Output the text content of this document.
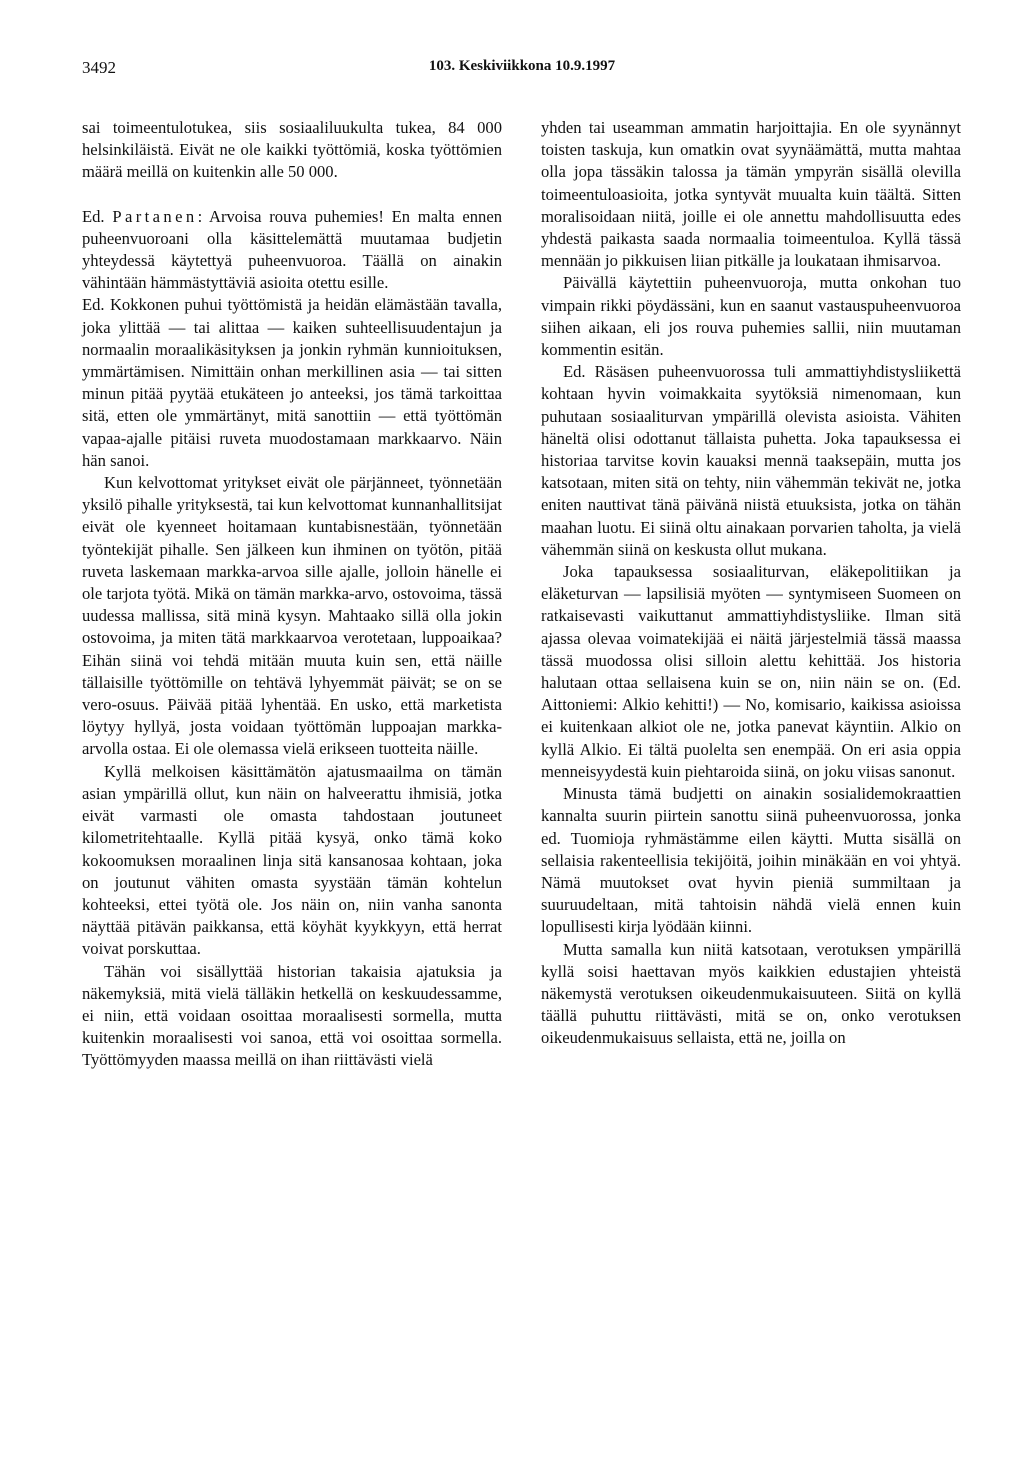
3492	103. Keskiviikkona 10.9.1997

sai toimeentulotukea, siis sosiaaliluukulta tukea, 84 000 helsinkiläistä. Eivät ne ole kaikki työttömiä, koska työttömien määrä meillä on kuitenkin alle 50 000.

Ed. Partanen: Arvoisa rouva puhemies! En malta ennen puheenvuoroani olla käsittelemättä muutamaa budjetin yhteydessä käytettyä puheenvuoroa. Täällä on ainakin vähintään hämmästyttäviä asioita otettu esille.

Ed. Kokkonen puhui työttömistä ja heidän elämästään tavalla, joka ylittää — tai alittaa — kaiken suhteellisuudentajun ja normaalin moraalikäsityksen ja jonkin ryhmän kunnioituksen, ymmärtämisen. Nimittäin onhan merkillinen asia — tai sitten minun pitää pyytää etukäteen jo anteeksi, jos tämä tarkoittaa sitä, etten ole ymmärtänyt, mitä sanottiin — että työttömän vapaa-ajalle pitäisi ruveta muodostamaan markkaarvo. Näin hän sanoi.

Kun kelvottomat yritykset eivät ole pärjänneet, työnnetään yksilö pihalle yrityksestä, tai kun kelvottomat kunnanhallitsijat eivät ole kyenneet hoitamaan kuntabisnestään, työnnetään työntekijät pihalle. Sen jälkeen kun ihminen on työtön, pitää ruveta laskemaan markka-arvoa sille ajalle, jolloin hänelle ei ole tarjota työtä. Mikä on tämän markka-arvo, ostovoima, tässä uudessa mallissa, sitä minä kysyn. Mahtaako sillä olla jokin ostovoima, ja miten tätä markkaarvoa verotetaan, luppoaikaa? Eihän siinä voi tehdä mitään muuta kuin sen, että näille tällaisille työttömille on tehtävä lyhyemmät päivät; se on se vero-osuus. Päivää pitää lyhentää. En usko, että marketista löytyy hyllyä, josta voidaan työttömän luppoajan markka-arvolla ostaa. Ei ole olemassa vielä erikseen tuotteita näille.

Kyllä melkoisen käsittämätön ajatusmaailma on tämän asian ympärillä ollut, kun näin on halveerattu ihmisiä, jotka eivät varmasti ole omasta tahdostaan joutuneet kilometritehtaalle. Kyllä pitää kysyä, onko tämä koko kokoomuksen moraalinen linja sitä kansanosaa kohtaan, joka on joutunut vähiten omasta syystään tämän kohtelun kohteeksi, ettei työtä ole. Jos näin on, niin vanha sanonta näyttää pitävän paikkansa, että köyhät kyykkyyn, että herrat voivat porskuttaa.

Tähän voi sisällyttää historian takaisia ajatuksia ja näkemyksiä, mitä vielä tälläkin hetkellä on keskuudessamme, ei niin, että voidaan osoittaa moraalisesti sormella, mutta kuitenkin moraalisesti voi sanoa, että voi osoittaa sormella. Työttömyyden maassa meillä on ihan riittävästi vielä

yhden tai useamman ammatin harjoittajia. En ole syynännyt toisten taskuja, kun omatkin ovat syynäämättä, mutta mahtaa olla jopa tässäkin talossa ja tämän ympyrän sisällä olevilla toimeentuloasioita, jotka syntyvät muualta kuin täältä. Sitten moralisoidaan niitä, joille ei ole annettu mahdollisuutta edes yhdestä paikasta saada normaalia toimeentuloa. Kyllä tässä mennään jo pikkuisen liian pitkälle ja loukataan ihmisarvoa.

Päivällä käytettiin puheenvuoroja, mutta onkohan tuo vimpain rikki pöydässäni, kun en saanut vastauspuheenvuoroa siihen aikaan, eli jos rouva puhemies sallii, niin muutaman kommentin esitän.

Ed. Räsäsen puheenvuorossa tuli ammattiyhdistysliikettä kohtaan hyvin voimakkaita syytöksiä nimenomaan, kun puhutaan sosiaaliturvan ympärillä olevista asioista. Vähiten häneltä olisi odottanut tällaista puhetta. Joka tapauksessa ei historiaa tarvitse kovin kauaksi mennä taaksepäin, mutta jos katsotaan, miten sitä on tehty, niin vähemmän tekivät ne, jotka eniten nauttivat tänä päivänä niistä etuuksista, jotka on tähän maahan luotu. Ei siinä oltu ainakaan porvarien taholta, ja vielä vähemmän siinä on keskusta ollut mukana.

Joka tapauksessa sosiaaliturvan, eläkepolitiikan ja eläketurvan — lapsilisiä myöten — syntymiseen Suomeen on ratkaisevasti vaikuttanut ammattiyhdistysliike. Ilman sitä ajassa olevaa voimatekijää ei näitä järjestelmiä tässä maassa tässä muodossa olisi silloin alettu kehittää. Jos historia halutaan ottaa sellaisena kuin se on, niin näin se on. (Ed. Aittoniemi: Alkio kehitti!) — No, komisario, kaikissa asioissa ei kuitenkaan alkiot ole ne, jotka panevat käyntiin. Alkio on kyllä Alkio. Ei tältä puolelta sen enempää. On eri asia oppia menneisyydestä kuin piehtaroida siinä, on joku viisas sanonut.

Minusta tämä budjetti on ainakin sosialidemokraattien kannalta suurin piirtein sanottu siinä puheenvuorossa, jonka ed. Tuomioja ryhmästämme eilen käytti. Mutta sisällä on sellaisia rakenteellisia tekijöitä, joihin minäkään en voi yhtyä. Nämä muutokset ovat hyvin pieniä summiltaan ja suuruudeltaan, mitä tahtoisin nähdä vielä ennen kuin lopullisesti kirja lyödään kiinni.

Mutta samalla kun niitä katsotaan, verotuksen ympärillä kyllä soisi haettavan myös kaikkien edustajien yhteistä näkemystä verotuksen oikeudenmukaisuuteen. Siitä on kyllä täällä puhuttu riittävästi, mitä se on, onko verotuksen oikeudenmukaisuus sellaista, että ne, joilla on
